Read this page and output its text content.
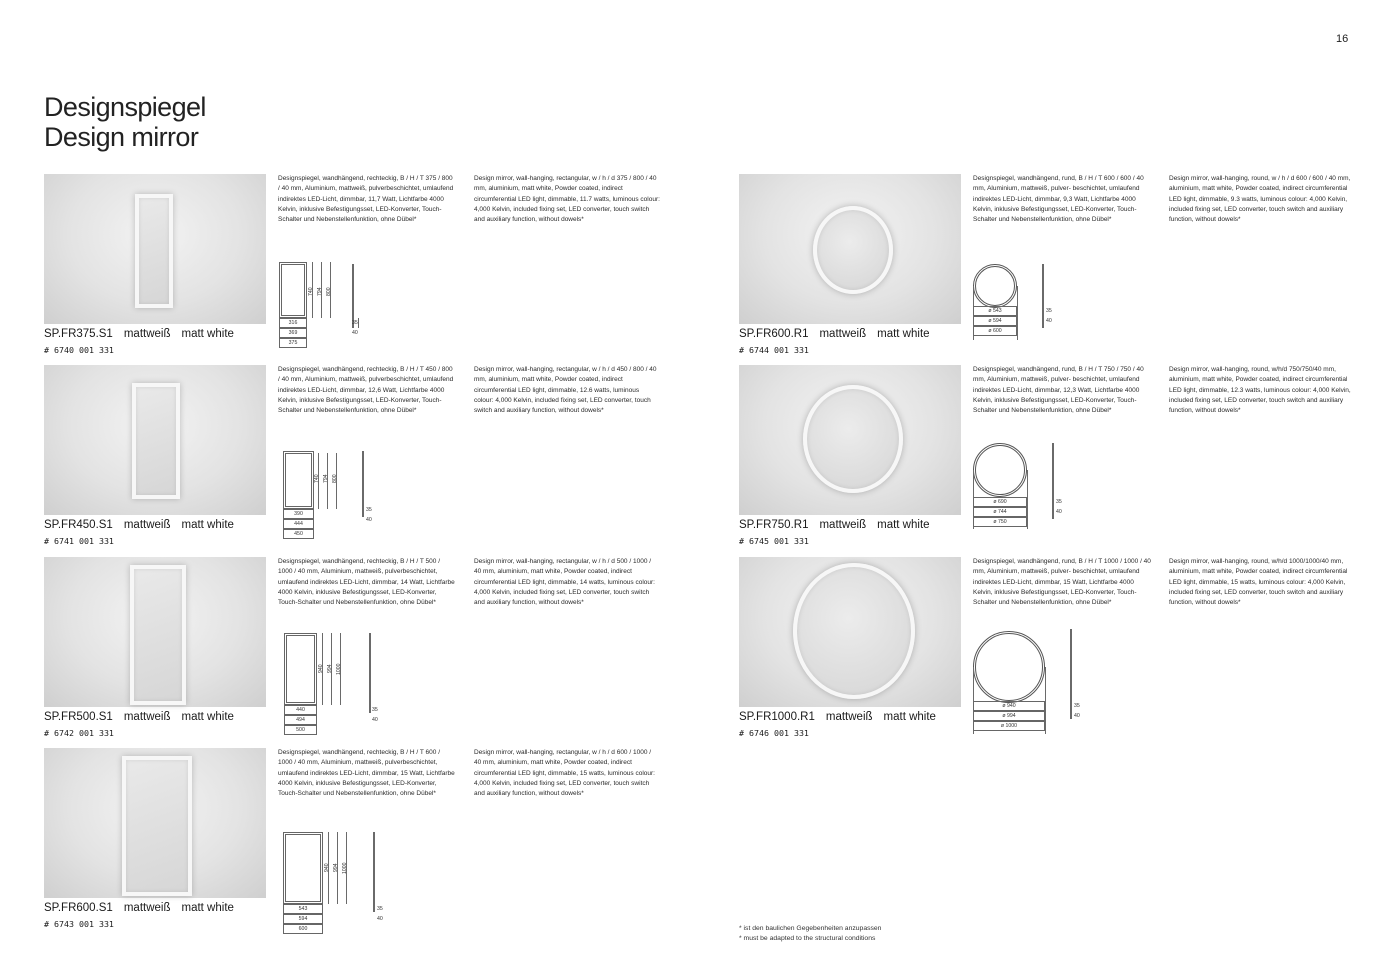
16
Designspiegel
Design mirror
SP.FR375.S1 mattweiß matt white
# 6740 001 331
Designspiegel, wandhängend, rechteckig, B / H / T 375 / 800 / 40 mm, Aluminium, mattweiß, pulverbeschichtet, umlaufend indirektes LED-Licht, dimmbar, 11,7 Watt, Lichtfarbe 4000 Kelvin, inklusive Befestigungsset, LED-Konverter, Touch-Schalter und Nebenstellenfunktion, ohne Dübel*
Design mirror, wall-hanging, rectangular, w / h / d 375 / 800 / 40 mm, aluminium, matt white, Powder coated, indirect circumferential LED light, dimmable, 11.7 watts, luminous colour: 4,000 Kelvin, included fixing set, LED converter, touch switch and auxiliary function, without dowels*
740 794 800
316
369
375
35
40
SP.FR450.S1 mattweiß matt white
# 6741 001 331
Designspiegel, wandhängend, rechteckig, B / H / T 450 / 800 / 40 mm, Aluminium, mattweiß, pulverbeschichtet, umlaufend indirektes LED-Licht, dimmbar, 12,6 Watt, Lichtfarbe 4000 Kelvin, inklusive Befestigungsset, LED-Konverter, Touch-Schalter und Nebenstellenfunktion, ohne Dübel*
Design mirror, wall-hanging, rectangular, w / h / d 450 / 800 / 40 mm, aluminium, matt white, Powder coated, indirect circumferential LED light, dimmable, 12.6 watts, luminous colour: 4,000 Kelvin, included fixing set, LED converter, touch switch and auxiliary function, without dowels*
740 794 800
390
444
450
35
40
SP.FR500.S1 mattweiß matt white
# 6742 001 331
Designspiegel, wandhängend, rechteckig, B / H / T 500 / 1000 / 40 mm, Aluminium, mattweiß, pulverbeschichtet, umlaufend indirektes LED-Licht, dimmbar, 14 Watt, Lichtfarbe 4000 Kelvin, inklusive Befestigungsset, LED-Konverter, Touch-Schalter und Nebenstellenfunktion, ohne Dübel*
Design mirror, wall-hanging, rectangular, w / h / d 500 / 1000 / 40 mm, aluminium, matt white, Powder coated, indirect circumferential LED light, dimmable, 14 watts, luminous colour: 4,000 Kelvin, included fixing set, LED converter, touch switch and auxiliary function, without dowels*
940 994 1000
440
494
500
35
40
SP.FR600.S1 mattweiß matt white
# 6743 001 331
Designspiegel, wandhängend, rechteckig, B / H / T 600 / 1000 / 40 mm, Aluminium, mattweiß, pulverbeschichtet, umlaufend indirektes LED-Licht, dimmbar, 15 Watt, Lichtfarbe 4000 Kelvin, inklusive Befestigungsset, LED-Konverter, Touch-Schalter und Nebenstellenfunktion, ohne Dübel*
Design mirror, wall-hanging, rectangular, w / h / d 600 / 1000 / 40 mm, aluminium, matt white, Powder coated, indirect circumferential LED light, dimmable, 15 watts, luminous colour: 4,000 Kelvin, included fixing set, LED converter, touch switch and auxiliary function, without dowels*
940 994 1000
543
594
600
35
40
SP.FR600.R1 mattweiß matt white
# 6744 001 331
Designspiegel, wandhängend, rund, B / H / T 600 / 600 / 40 mm, Aluminium, mattweiß, pulver- beschichtet, umlaufend indirektes LED-Licht, dimmbar, 9,3 Watt, Lichtfarbe 4000 Kelvin, inklusive Befestigungsset, LED-Konverter, Touch-Schalter und Nebenstellenfunktion, ohne Dübel*
Design mirror, wall-hanging, round, w / h / d 600 / 600 / 40 mm, aluminium, matt white, Powder coated, indirect circumferential LED light, dimmable, 9.3 watts, luminous colour: 4,000 Kelvin, included fixing set, LED converter, touch switch and auxiliary function, without dowels*
ø 543
ø 594
ø 600
35
40
SP.FR750.R1 mattweiß matt white
# 6745 001 331
Designspiegel, wandhängend, rund, B / H / T 750 / 750 / 40 mm, Aluminium, mattweiß, pulver- beschichtet, umlaufend indirektes LED-Licht, dimmbar, 12,3 Watt, Lichtfarbe 4000 Kelvin, inklusive Befestigungsset, LED-Konverter, Touch-Schalter und Nebenstellenfunktion, ohne Dübel*
Design mirror, wall-hanging, round, w/h/d 750/750/40 mm, aluminium, matt white, Powder coated, indirect circumferential LED light, dimmable, 12.3 watts, luminous colour: 4,000 Kelvin, included fixing set, LED converter, touch switch and auxiliary function, without dowels*
ø 690
ø 744
ø 750
35
40
SP.FR1000.R1 mattweiß matt white
# 6746 001 331
Designspiegel, wandhängend, rund, B / H / T 1000 / 1000 / 40 mm, Aluminium, mattweiß, pulver- beschichtet, umlaufend indirektes LED-Licht, dimmbar, 15 Watt, Lichtfarbe 4000 Kelvin, inklusive Befestigungsset, LED-Konverter, Touch-Schalter und Nebenstellenfunktion, ohne Dübel*
Design mirror, wall-hanging, round, w/h/d 1000/1000/40 mm, aluminium, matt white, Powder coated, indirect circumferential LED light, dimmable, 15 watts, luminous colour: 4,000 Kelvin, included fixing set, LED converter, touch switch and auxiliary function, without dowels*
ø 940
ø 994
ø 1000
35
40
* ist den baulichen Gegebenheiten anzupassen
* must be adapted to the structural conditions
